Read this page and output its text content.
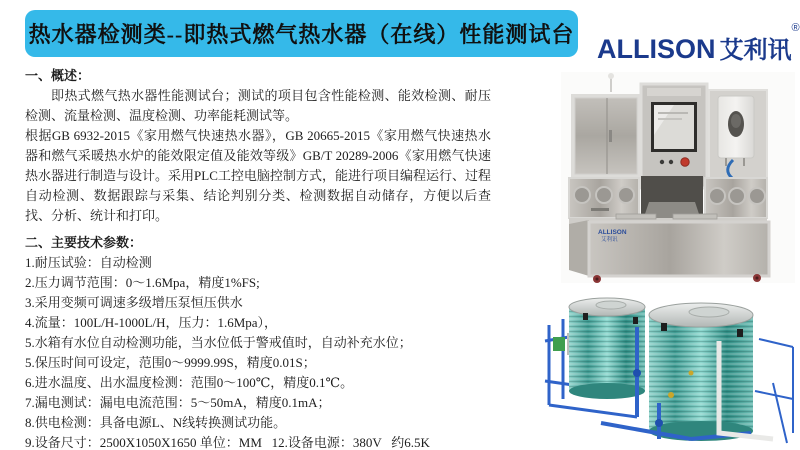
热水器检测类--即热式燃气热水器（在线）性能测试台 ALLISON 艾利讯®
一、概述：

即热式燃气热水器性能测试台；测试的项目包含性能检测、能效检测、耐压检测、流量检测、温度检测、功率能耗测试等。

根据GB 6932-2015《家用燃气快速热水器》，GB 20665-2015《家用燃气快速热水器和燃气采暖热水炉的能效限定值及能效等级》GB/T 20289-2006《家用燃气快速热水器进行制造与设计。采用PLC工控电脑控制方式，能进行项目编程运行、过程自动检测、数据跟踪与采集、结论判别分类、检测数据自动储存，方便以后查找、分析、统计和打印。

二、主要技术参数：
1.耐压试验：自动检测
2.压力调节范围：0～1.6Mpa，精度1%FS;
3.采用变频可调速多级增压泵恒压供水
4.流量：100L/H-1000L/H，压力：1.6Mpa），
5.水箱有水位自动检测功能，当水位低于警戒值时，自动补充水位；
5.保压时间可设定，范围0～9999.99S，精度0.01S；
6.进水温度、出水温度检测：范围0～100℃，精度0.1℃。
7.漏电测试：漏电电流范围：5～50mA，精度0.1mA；
8.供电检测：具备电源L、N线转换测试功能。
9.设备尺寸：2500X1050X1650 单位：MM   12.设备电源：380V   约6.5K
ALLISON
艾利讯
